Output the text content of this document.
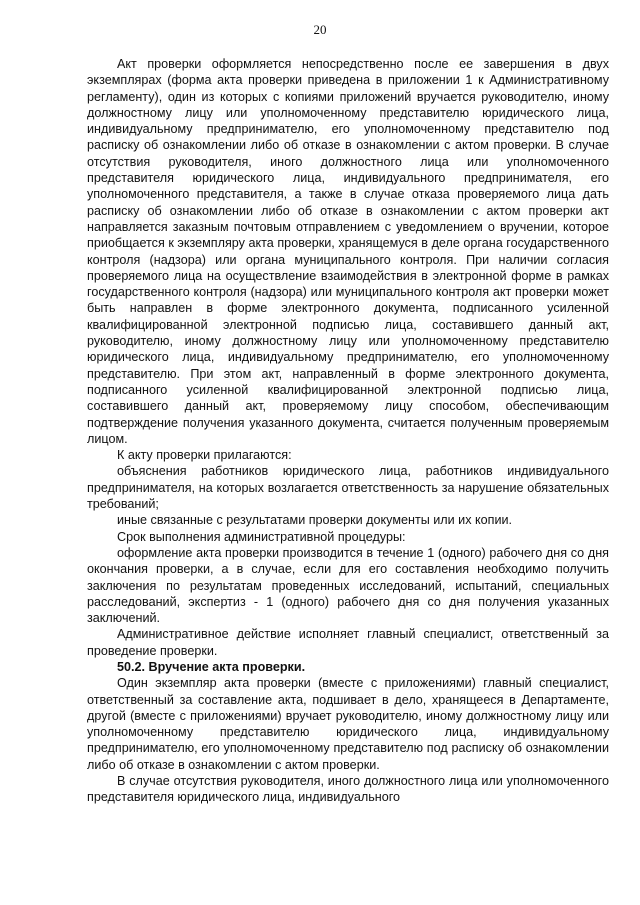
20

Акт проверки оформляется непосредственно после ее завершения в двух экземплярах (форма акта проверки приведена в приложении 1 к Административному регламенту), один из которых с копиями приложений вручается руководителю, иному должностному лицу или уполномоченному представителю юридического лица, индивидуальному предпринимателю, его уполномоченному представителю под расписку об ознакомлении либо об отказе в ознакомлении с актом проверки. В случае отсутствия руководителя, иного должностного лица или уполномоченного представителя юридического лица, индивидуального предпринимателя, его уполномоченного представителя, а также в случае отказа проверяемого лица дать расписку об ознакомлении либо об отказе в ознакомлении с актом проверки акт направляется заказным почтовым отправлением с уведомлением о вручении, которое приобщается к экземпляру акта проверки, хранящемуся в деле органа государственного контроля (надзора) или органа муниципального контроля. При наличии согласия проверяемого лица на осуществление взаимодействия в электронной форме в рамках государственного контроля (надзора) или муниципального контроля акт проверки может быть направлен в форме электронного документа, подписанного усиленной квалифицированной электронной подписью лица, составившего данный акт, руководителю, иному должностному лицу или уполномоченному представителю юридического лица, индивидуальному предпринимателю, его уполномоченному представителю. При этом акт, направленный в форме электронного документа, подписанного усиленной квалифицированной электронной подписью лица, составившего данный акт, проверяемому лицу способом, обеспечивающим подтверждение получения указанного документа, считается полученным проверяемым лицом.

К акту проверки прилагаются:

объяснения работников юридического лица, работников индивидуального предпринимателя, на которых возлагается ответственность за нарушение обязательных требований;

иные связанные с результатами проверки документы или их копии.

Срок выполнения административной процедуры:

оформление акта проверки производится в течение 1 (одного) рабочего дня со дня окончания проверки, а в случае, если для его составления необходимо получить заключения по результатам проведенных исследований, испытаний, специальных расследований, экспертиз - 1 (одного) рабочего дня со дня получения указанных заключений.

Административное действие исполняет главный специалист, ответственный за проведение проверки.

50.2. Вручение акта проверки.

Один экземпляр акта проверки (вместе с приложениями) главный специалист, ответственный за составление акта, подшивает в дело, хранящееся в Департаменте, другой (вместе с приложениями) вручает руководителю, иному должностному лицу или уполномоченному представителю юридического лица, индивидуальному предпринимателю, его уполномоченному представителю под расписку об ознакомлении либо об отказе в ознакомлении с актом проверки.

В случае отсутствия руководителя, иного должностного лица или уполномоченного представителя юридического лица, индивидуального
